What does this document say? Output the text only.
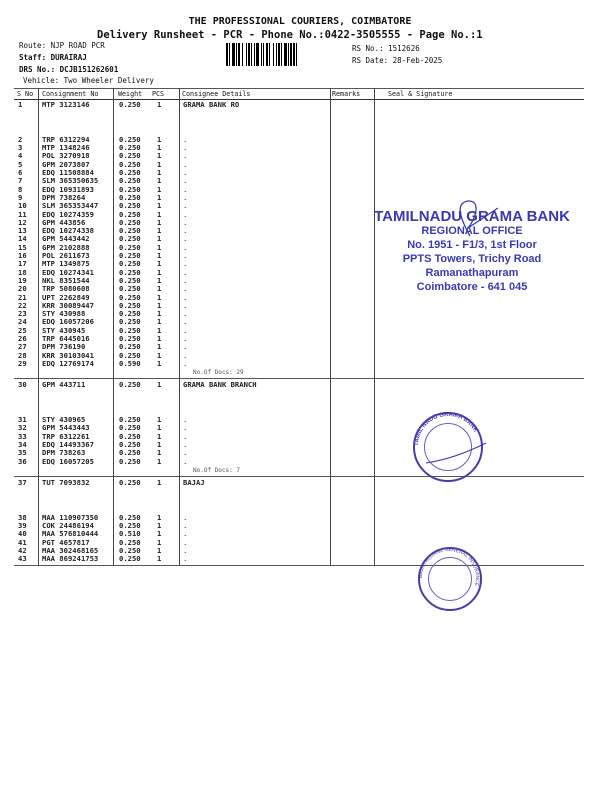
THE PROFESSIONAL COURIERS, COIMBATORE
Delivery Runsheet - PCR - Phone No.:0422-3505555 - Page No.:1
Route: NJP ROAD PCR
Staff: DURAIRAJ
DRS No.: DCJB151262601
Vehicle: Two Wheeler Delivery
RS No.: 1512626
RS Date: 28-Feb-2025
S No Consignment No	Weight PCS	Consignee Details	Remarks	Seal & Signature
1	MTP 3123146	0.250 1	GRAMA BANK RO
2	TRP 6312294	0.250 1	.
3	MTP 1348246	0.250 1	.
4	POL 3270918	0.250 1	.
5	GPM 2073807	0.250 1	.
6	EDQ 11508884	0.250 1	.
7	SLM 365350635	0.250 1	.
8	EDQ 10931893	0.250 1	.
9	DPM 738264	0.250 1	.
10 SLM 365353447	0.250 1	.
11 EDQ 10274359	0.250 1	.
12 GPM 443856	0.250 1	.
13 EDQ 10274338	0.250 1	.
14 GPM 5443442	0.250 1	.
15 GPM 2102888	0.250 1	.
16 POL 2611673	0.250 1	.
17 MTP 1349875	0.250 1	.
18 EDQ 10274341	0.250 1	.
19 NKL 8351544	0.250 1	.
20 TRP 5080608	0.250 1	.
21 UPT 2262849	0.250 1	.
22 KRR 30089447	0.250 1	.
23 STY 430988	0.250 1	.
24 EDQ 16057206	0.250 1	.
25 STY 430945	0.250 1	.
26 TRP 6445016	0.250 1	.
27 DPM 736190	0.250 1	.
28 KRR 30103041	0.250 1	.
29 EDQ 12769174	0.590 1	.
No.Of Docs: 29
30 GPM 443711	0.250 1	GRAMA BANK BRANCH
31 STY 430965	0.250 1	.
32 GPM 5443443	0.250 1	.
33 TRP 6312261	0.250 1	.
34 EDQ 14493367	0.250 1	.
35 DPM 738263	0.250 1	.
36 EDQ 16057205	0.250 1	.
No.Of Docs: 7
37 TUT 7093832	0.250 1	BAJAJ
38 MAA 110907350	0.250 1	.
39 COK 24486194	0.250 1	.
40 MAA 576810444	0.510 1	.
41 PGT 4657817	0.250 1	.
42 MAA 302468165	0.250 1	.
43 MAA 869241753	0.250 1	.
TAMILNADU GRAMA BANK
REGIONAL OFFICE
No. 1951 - F1/3, 1st Floor
PPTS Towers, Trichy Road
Ramanathapuram
Coimbatore - 641 045
TAMIL NADU GRAMA BANK
BAJAJ ALLIANZ GENERAL INSURANCE
